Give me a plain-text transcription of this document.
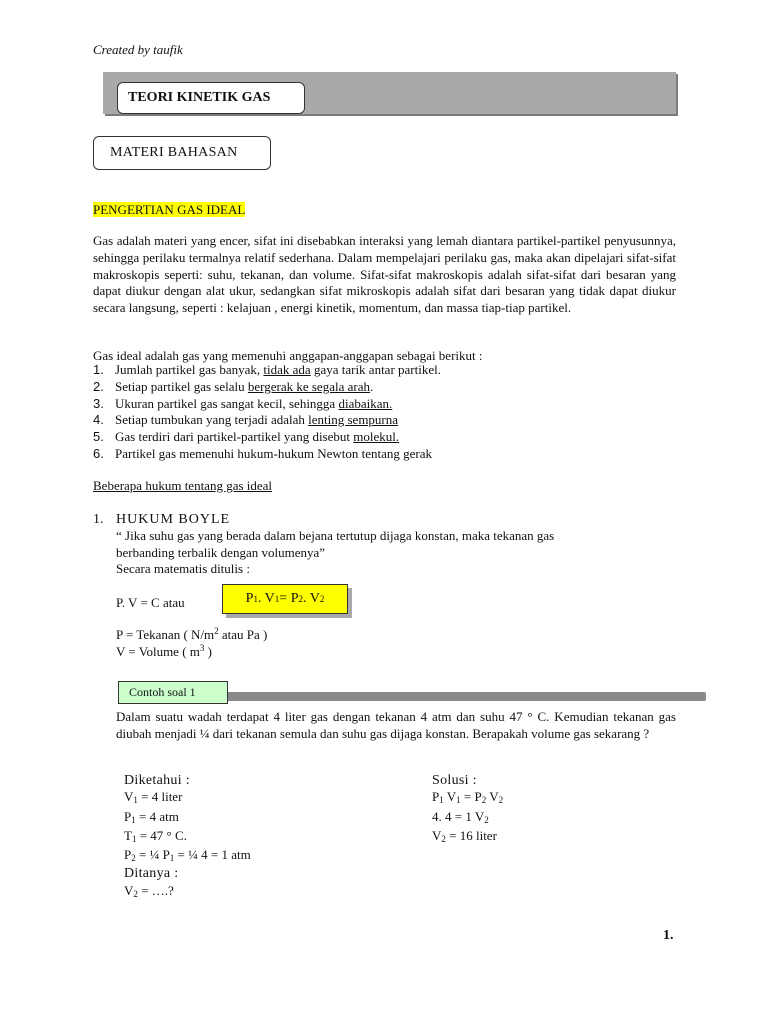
Created by taufik
TEORI KINETIK GAS
MATERI BAHASAN
PENGERTIAN GAS IDEAL
Gas adalah materi yang encer, sifat ini disebabkan interaksi yang lemah diantara partikel-partikel penyusunnya, sehingga perilaku termalnya relatif sederhana. Dalam mempelajari perilaku gas, maka akan dipelajari sifat-sifat makroskopis seperti: suhu, tekanan, dan volume. Sifat-sifat makroskopis adalah sifat-sifat dari besaran yang dapat diukur dengan alat ukur, sedangkan sifat mikroskopis adalah sifat dari besaran yang tidak dapat diukur secara langsung, seperti : kelajuan , energi kinetik, momentum, dan massa tiap-tiap partikel.
Gas ideal adalah gas yang memenuhi anggapan-anggapan sebagai berikut :
1. Jumlah partikel gas banyak, tidak ada gaya tarik antar partikel.
2. Setiap partikel gas selalu bergerak ke segala arah.
3. Ukuran partikel gas sangat kecil, sehingga diabaikan.
4. Setiap tumbukan yang terjadi adalah lenting sempurna
5. Gas terdiri dari partikel-partikel yang disebut molekul.
6. Partikel gas memenuhi hukum-hukum Newton tentang gerak
Beberapa hukum tentang gas ideal
1. HUKUM BOYLE
“ Jika suhu gas yang berada dalam bejana tertutup dijaga konstan, maka tekanan gas
berbanding terbalik dengan volumenya”
Secara matematis ditulis :
P. V = C atau	P 1 . V 1 = P 2 . V 2
P = Tekanan ( $N/m^2$ atau Pa )
V = Volume ( $m^3$ )
Contoh soal 1
Dalam suatu wadah terdapat 4 liter gas dengan tekanan 4 atm dan suhu 47 ° C. Kemudian tekanan gas diubah menjadi ¼ dari tekanan semula dan suhu gas dijaga konstan. Berapakah volume gas sekarang ?
Diketahui :
$V_1 = 4$ liter
$P_1 = 4$ atm
$T_1 = 47$ ° C.
$P_2$ = ¼ $P_1$ = ¼ 4 = 1 atm
Ditanya :
$V_2$ = ….?
Solusi :
$P_1$ $V_1 = P_2$ $V_2$
4. 4 = 1 $V_2$
$V_2 = 16$ liter
1.
